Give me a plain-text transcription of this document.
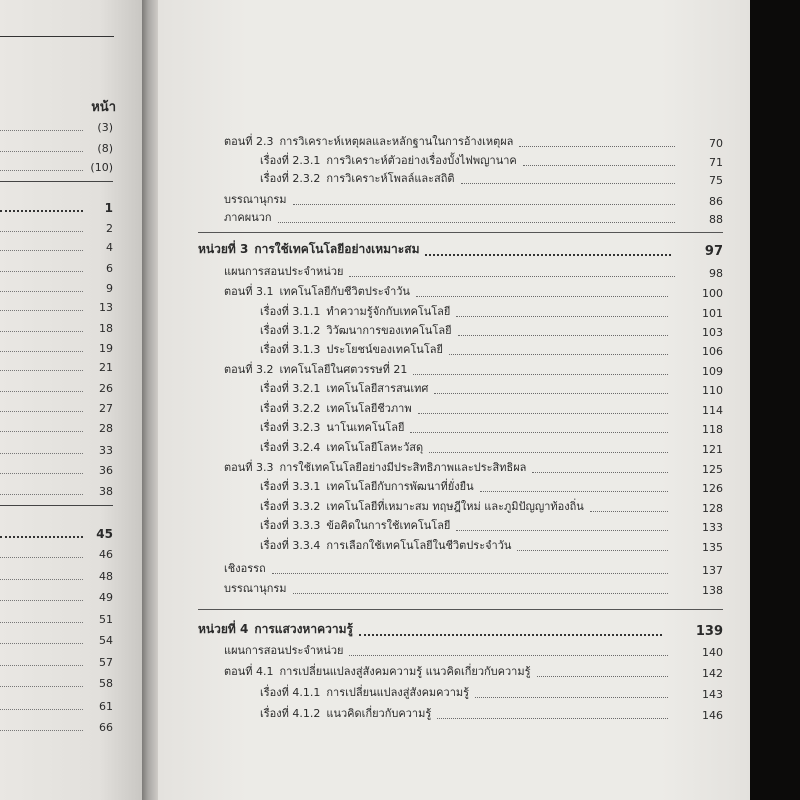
หน้า
(3)
(8)
(10)
1
2
4
6
9
13
18
19
21
26
27
28
33
36
38
45
46
48
49
51
54
57
58
61
66
ตอนที่ 2.3 การวิเคราะห์เหตุผลและหลักฐานในการอ้างเหตุผล	70
เรื่องที่ 2.3.1 การวิเคราะห์ตัวอย่างเรื่องบั้งไฟพญานาค	71
เรื่องที่ 2.3.2 การวิเคราะห์โพลล์และสถิติ	75
บรรณานุกรม	86
ภาคผนวก	88
หน่วยที่ 3 การใช้เทคโนโลยีอย่างเหมาะสม	97
แผนการสอนประจำหน่วย	98
ตอนที่ 3.1 เทคโนโลยีกับชีวิตประจำวัน	100
เรื่องที่ 3.1.1 ทำความรู้จักกับเทคโนโลยี	101
เรื่องที่ 3.1.2 วิวัฒนาการของเทคโนโลยี	103
เรื่องที่ 3.1.3 ประโยชน์ของเทคโนโลยี	106
ตอนที่ 3.2 เทคโนโลยีในศตวรรษที่ 21	109
เรื่องที่ 3.2.1 เทคโนโลยีสารสนเทศ	110
เรื่องที่ 3.2.2 เทคโนโลยีชีวภาพ	114
เรื่องที่ 3.2.3 นาโนเทคโนโลยี	118
เรื่องที่ 3.2.4 เทคโนโลยีโลหะวัสดุ	121
ตอนที่ 3.3 การใช้เทคโนโลยีอย่างมีประสิทธิภาพและประสิทธิผล	125
เรื่องที่ 3.3.1 เทคโนโลยีกับการพัฒนาที่ยั่งยืน	126
เรื่องที่ 3.3.2 เทคโนโลยีที่เหมาะสม ทฤษฎีใหม่ และภูมิปัญญาท้องถิ่น	128
เรื่องที่ 3.3.3 ข้อคิดในการใช้เทคโนโลยี	133
เรื่องที่ 3.3.4 การเลือกใช้เทคโนโลยีในชีวิตประจำวัน	135
เชิงอรรถ	137
บรรณานุกรม	138
หน่วยที่ 4 การแสวงหาความรู้	139
แผนการสอนประจำหน่วย	140
ตอนที่ 4.1 การเปลี่ยนแปลงสู่สังคมความรู้ แนวคิดเกี่ยวกับความรู้	142
เรื่องที่ 4.1.1 การเปลี่ยนแปลงสู่สังคมความรู้	143
เรื่องที่ 4.1.2 แนวคิดเกี่ยวกับความรู้	146
